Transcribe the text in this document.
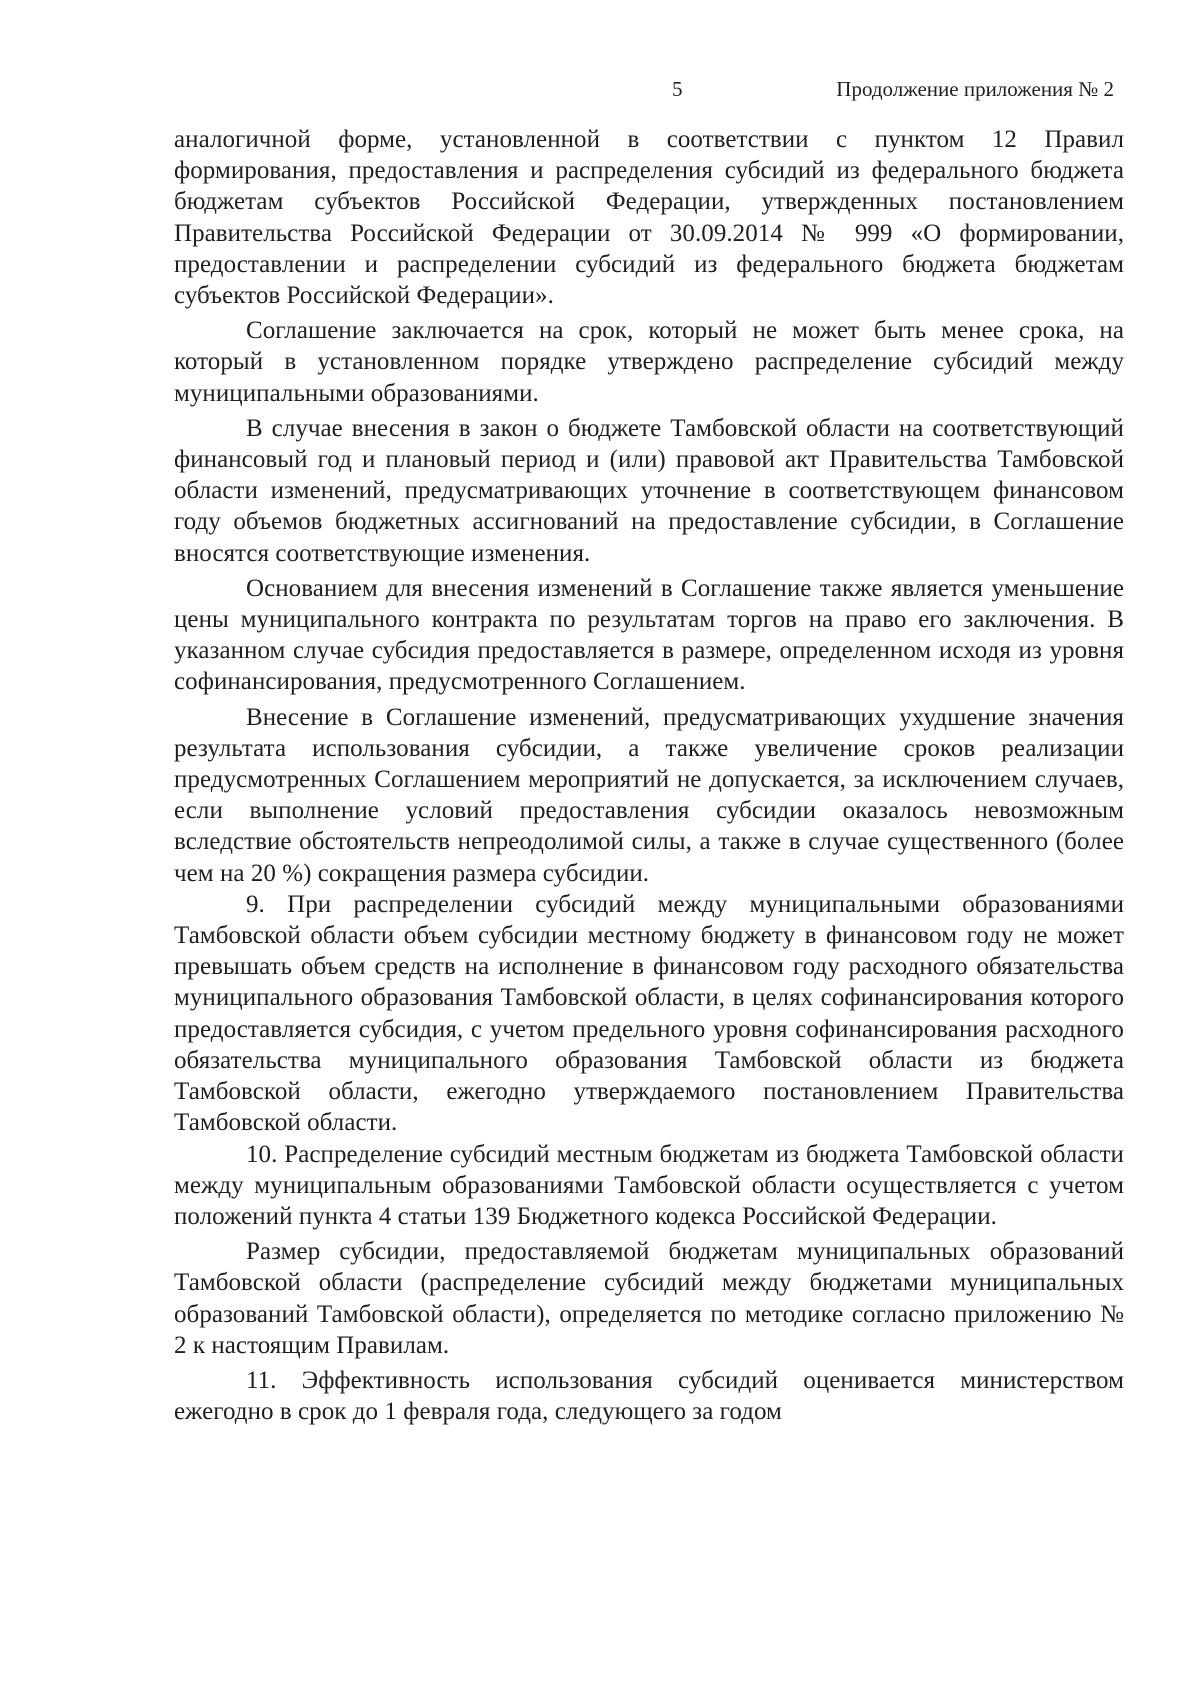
5	Продолжение приложения № 2

аналогичной форме, установленной в соответствии с пунктом 12 Правил формирования, предоставления и распределения субсидий из федерального бюджета бюджетам субъектов Российской Федерации, утвержденных постановлением Правительства Российской Федерации от 30.09.2014 № 999 «О формировании, предоставлении и распределении субсидий из федерального бюджета бюджетам субъектов Российской Федерации».

Соглашение заключается на срок, который не может быть менее срока, на который в установленном порядке утверждено распределение субсидий между муниципальными образованиями.

В случае внесения в закон о бюджете Тамбовской области на соответствующий финансовый год и плановый период и (или) правовой акт Правительства Тамбовской области изменений, предусматривающих уточнение в соответствующем финансовом году объемов бюджетных ассигнований на предоставление субсидии, в Соглашение вносятся соответствующие изменения.

Основанием для внесения изменений в Соглашение также является уменьшение цены муниципального контракта по результатам торгов на право его заключения. В указанном случае субсидия предоставляется в размере, определенном исходя из уровня софинансирования, предусмотренного Соглашением.

Внесение в Соглашение изменений, предусматривающих ухудшение значения результата использования субсидии, а также увеличение сроков реализации предусмотренных Соглашением мероприятий не допускается, за исключением случаев, если выполнение условий предоставления субсидии оказалось невозможным вследствие обстоятельств непреодолимой силы, а также в случае существенного (более чем на 20 %) сокращения размера субсидии.

9. При распределении субсидий между муниципальными образованиями Тамбовской области объем субсидии местному бюджету в финансовом году не может превышать объем средств на исполнение в финансовом году расходного обязательства муниципального образования Тамбовской области, в целях софинансирования которого предоставляется субсидия, с учетом предельного уровня софинансирования расходного обязательства муниципального образования Тамбовской области из бюджета Тамбовской области, ежегодно утверждаемого постановлением Правительства Тамбовской области.

10. Распределение субсидий местным бюджетам из бюджета Тамбовской области между муниципальным образованиями Тамбовской области осуществляется с учетом положений пункта 4 статьи 139 Бюджетного кодекса Российской Федерации.

Размер субсидии, предоставляемой бюджетам муниципальных образований Тамбовской области (распределение субсидий между бюджетами муниципальных образований Тамбовской области), определяется по методике согласно приложению № 2 к настоящим Правилам.

11. Эффективность использования субсидий оценивается министерством ежегодно в срок до 1 февраля года, следующего за годом
